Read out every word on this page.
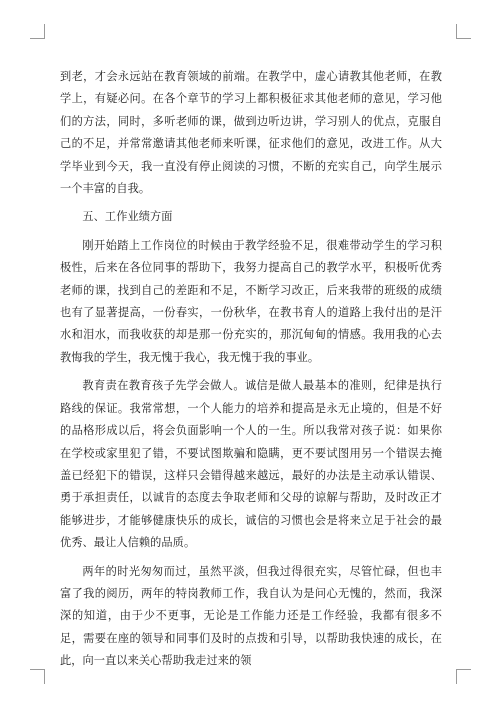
到老，才会永远站在教育领域的前端。在教学中，虚心请教其他老师，在教学上，有疑必问。在各个章节的学习上都积极征求其他老师的意见，学习他们的方法，同时，多听老师的课，做到边听边讲，学习别人的优点，克服自己的不足，并常常邀请其他老师来听课，征求他们的意见，改进工作。从大学毕业到今天，我一直没有停止阅读的习惯，不断的充实自己，向学生展示一个丰富的自我。

五、工作业绩方面

刚开始踏上工作岗位的时候由于教学经验不足，很难带动学生的学习积极性，后来在各位同事的帮助下，我努力提高自己的教学水平，积极听优秀老师的课，找到自己的差距和不足，不断学习改正，后来我带的班级的成绩也有了显著提高，一份春实，一份秋华，在教书育人的道路上我付出的是汗水和泪水，而我收获的却是那一份充实的，那沉甸甸的情感。我用我的心去教悔我的学生，我无愧于我心，我无愧于我的事业。

教育责在教育孩子先学会做人。诚信是做人最基本的准则，纪律是执行路线的保证。我常常想，一个人能力的培养和提高是永无止境的，但是不好的品格形成以后，将会负面影响一个人的一生。所以我常对孩子说：如果你在学校或家里犯了错，不要试图欺骗和隐瞒，更不要试图用另一个错误去掩盖已经犯下的错误，这样只会错得越来越远，最好的办法是主动承认错误、勇于承担责任，以诚肯的态度去争取老师和父母的谅解与帮助，及时改正才能够进步，才能够健康快乐的成长，诚信的习惯也会是将来立足于社会的最优秀、最让人信赖的品质。

两年的时光匆匆而过，虽然平淡，但我过得很充实，尽管忙碌，但也丰富了我的阅历，两年的特岗教师工作，我自认为是问心无愧的，然而，我深深的知道，由于少不更事，无论是工作能力还是工作经验，我都有很多不足，需要在座的领导和同事们及时的点拨和引导，以帮助我快速的成长，在此，向一直以来关心帮助我走过来的领
